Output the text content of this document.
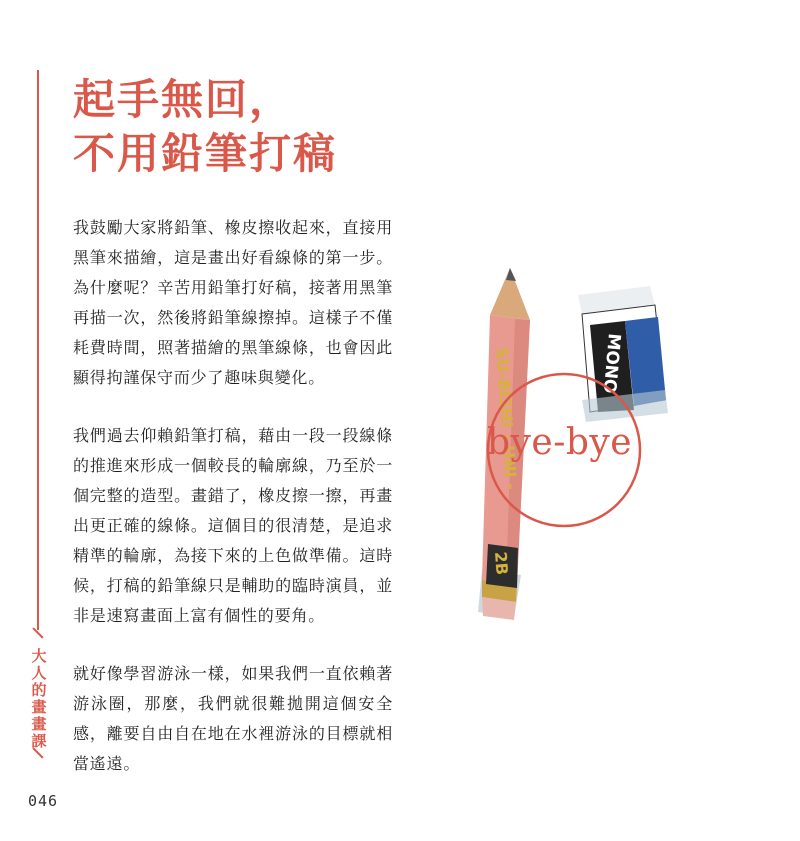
大人的畫畫課
起手無回，
不用鉛筆打稿

我鼓勵大家將鉛筆、橡皮擦收起來，直接用黑筆來描繪，這是畫出好看線條的第一步。為什麼呢？辛苦用鉛筆打好稿，接著用黑筆再描一次，然後將鉛筆線擦掉。這樣子不僅耗費時間，照著描繪的黑筆線條，也會因此顯得拘謹保守而少了趣味與變化。

我們過去仰賴鉛筆打稿，藉由一段一段線條的推進來形成一個較長的輪廓線，乃至於一個完整的造型。畫錯了，橡皮擦一擦，再畫出更正確的線條。這個目的很清楚，是追求精準的輪廓，為接下來的上色做準備。這時候，打稿的鉛筆線只是輔助的臨時演員，並非是速寫畫面上富有個性的要角。

就好像學習游泳一樣，如果我們一直依賴著游泳圈，那麼，我們就很難拋開這個安全感，離要自由自在地在水裡游泳的目標就相當遙遠。

SU-BISHI - UNI -
2B
MONO
bye-bye
046
